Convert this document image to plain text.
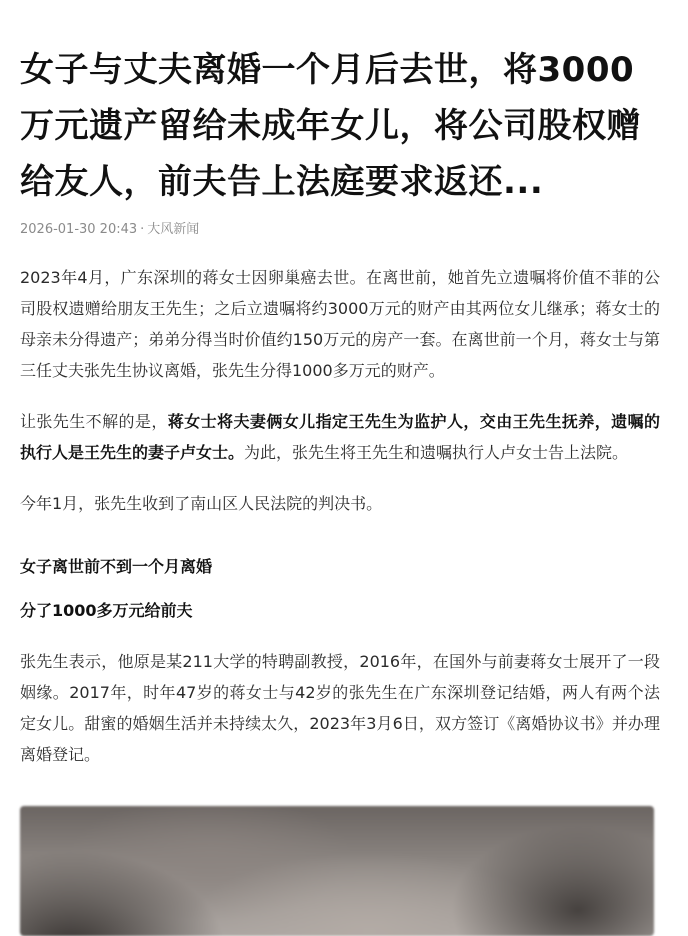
女子与丈夫离婚一个月后去世，将3000万元遗产留给未成年女儿，将公司股权赠给友人，前夫告上法庭要求返还...
2026-01-30 20:43 · 大风新闻

2023年4月，广东深圳的蒋女士因卵巢癌去世。在离世前，她首先立遗嘱将价值不菲的公司股权遗赠给朋友王先生；之后立遗嘱将约3000万元的财产由其两位女儿继承；蒋女士的母亲未分得遗产；弟弟分得当时价值约150万元的房产一套。在离世前一个月，蒋女士与第三任丈夫张先生协议离婚，张先生分得1000多万元的财产。

让张先生不解的是，蒋女士将夫妻俩女儿指定王先生为监护人，交由王先生抚养，遗嘱的执行人是王先生的妻子卢女士。为此，张先生将王先生和遗嘱执行人卢女士告上法院。

今年1月，张先生收到了南山区人民法院的判决书。

女子离世前不到一个月离婚
分了1000多万元给前夫

张先生表示，他原是某211大学的特聘副教授，2016年，在国外与前妻蒋女士展开了一段姻缘。2017年，时年47岁的蒋女士与42岁的张先生在广东深圳登记结婚，两人有两个法定女儿。甜蜜的婚姻生活并未持续太久，2023年3月6日，双方签订《离婚协议书》并办理离婚登记。
